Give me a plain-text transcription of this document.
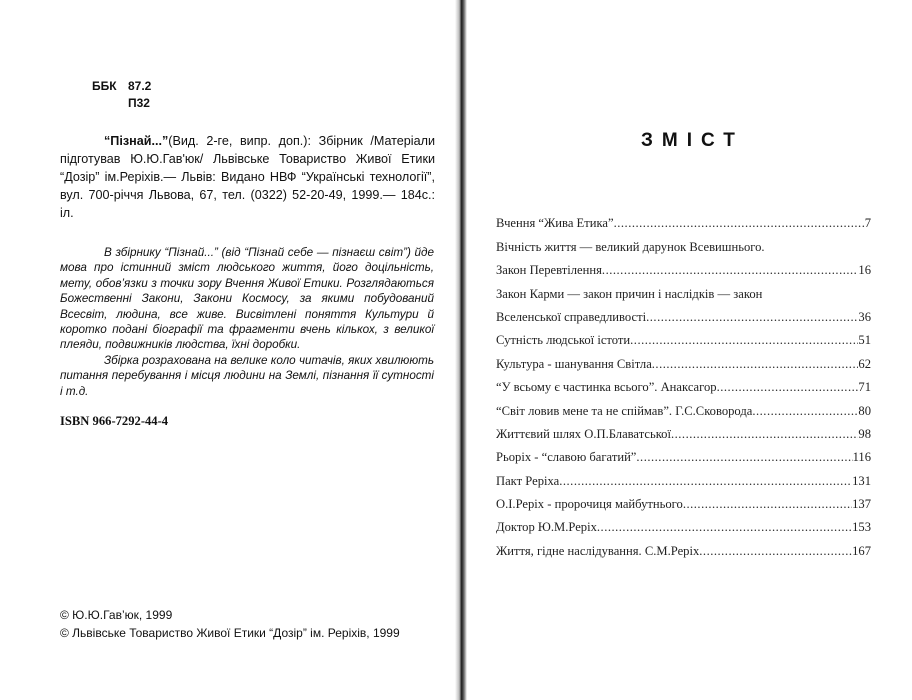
ББК 87.2
П32
“Пізнай...”(Вид. 2-ге, випр. доп.): Збірник /Матеріали підготував Ю.Ю.Гав'юк/ Львівське Товариство Живої Етики “Дозір” ім.Реріхів.— Львів: Видано НВФ “Українські технології”, вул. 700-річчя Львова, 67, тел. (0322) 52-20-49, 1999.— 184с.: іл.

В збірнику “Пізнай...” (від “Пізнай себе — пізнаєш світ”) йде мова про істинний зміст людського життя, його доцільність, мету, обов’язки з точки зору Вчення Живої Етики. Розглядаються Божественні Закони, Закони Космосу, за якими побудований Всесвіт, людина, все живе. Висвітлені поняття Культури й коротко подані біографії та фрагменти вчень кількох, з великої плеяди, подвижників людства, їхні доробки.

Збірка розрахована на велике коло читачів, яких хвилюють питання перебування і місця людини на Землі, пізнання її сутності і т.д.

ISBN 966-7292-44-4
© Ю.Ю.Гав’юк, 1999
© Львівське Товариство Живої Етики “Дозір” ім. Реріхів, 1999
ЗМІСТ
Вчення “Жива Етика” .....	7
Вічність життя — великий дарунок Всевишнього.
Закон Перевтілення .....	16
Закон Карми — закон причин і наслідків — закон
Вселенської справедливості .....	36
Сутність людської істоти .....	51
Культура - шанування Світла .....	62
“У всьому є частинка всього”. Анаксагор .....	71
“Світ ловив мене та не спіймав”. Г.С.Сковорода .....	80
Життєвий шлях О.П.Блаватської .....	98
Рьоріх - “славою багатий” .....	116
Пакт Реріха .....	131
О.І.Реріх - пророчиця майбутнього .....	137
Доктор Ю.М.Реріх .....	153
Життя, гідне наслідування. С.М.Реріх .....	167
